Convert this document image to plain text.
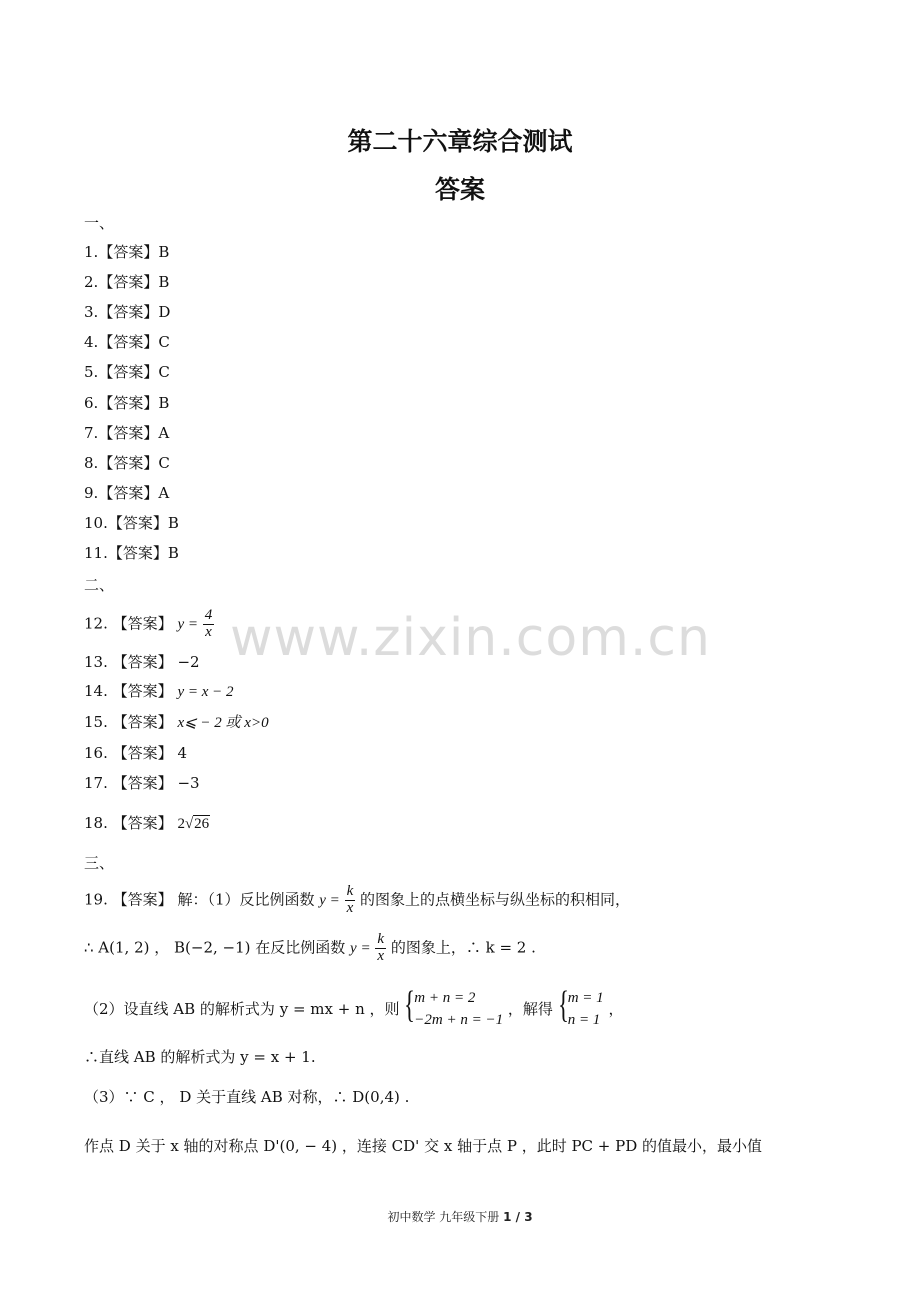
第二十六章综合测试
答案
一、
1.【答案】B
2.【答案】B
3.【答案】D
4.【答案】C
5.【答案】C
6.【答案】B
7.【答案】A
8.【答案】C
9.【答案】A
10.【答案】B
11.【答案】B
二、
12. 【答案】 $y = \frac{4}{x}$
13. 【答案】 −2
14. 【答案】 y = x − 2
15. 【答案】 x⩽ − 2 或 x>0
16. 【答案】 4
17. 【答案】 −3
18. 【答案】 2√26
三、
19. 【答案】 解：（1）反比例函数 $y = \frac{k}{x}$ 的图象上的点横坐标与纵坐标的积相同，
∴ A(1, 2) ， B(−2, −1) 在反比例函数 $y = \frac{k}{x}$ 的图象上，∴ k = 2 .
（2）设直线 AB 的解析式为 y = mx + n ，则 { m + n = 2
−2m + n = −1
，解得 { m = 1
n = 1
，
∴直线 AB 的解析式为 y = x + 1.
（3）∵ C ， D 关于直线 AB 对称，∴ D(0,4) .
作点 D 关于 x 轴的对称点 D'(0, − 4) ，连接 CD' 交 x 轴于点 P ，此时 PC + PD 的值最小，最小值
www.zixin.com.cn
初中数学 九年级下册 1 / 3
